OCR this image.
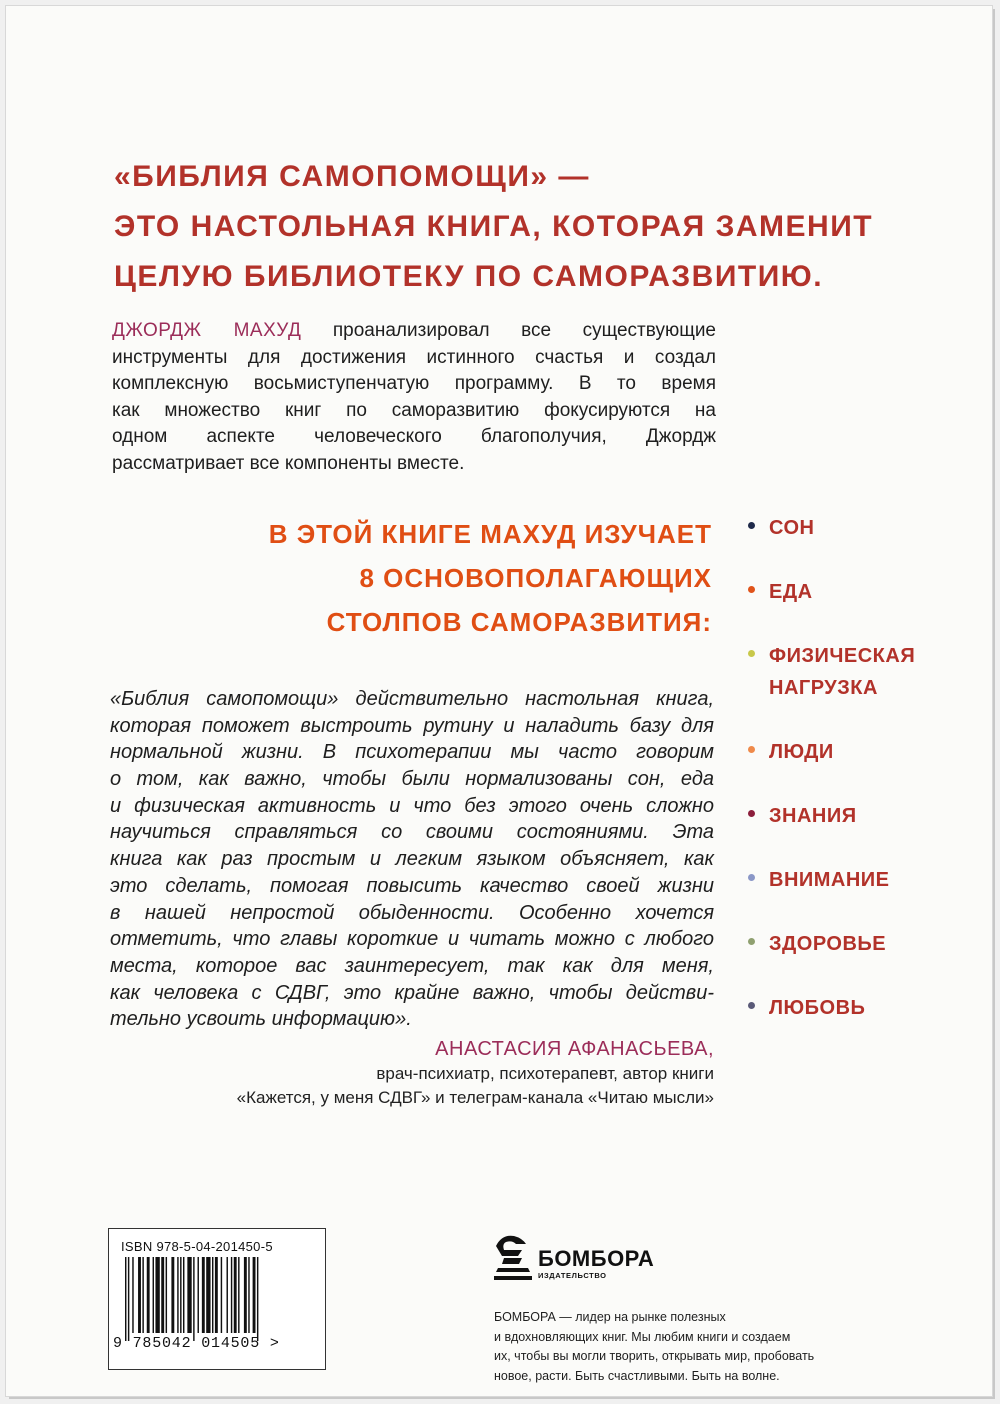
«БИБЛИЯ САМОПОМОЩИ» —
ЭТО НАСТОЛЬНАЯ КНИГА, КОТОРАЯ ЗАМЕНИТ
ЦЕЛУЮ БИБЛИОТЕКУ ПО САМОРАЗВИТИЮ.
ДЖОРДЖ МАХУД проанализировал все существующие
инструменты для достижения истинного счастья и создал
комплексную восьмиступенчатую программу. В то время
как множество книг по саморазвитию фокусируются на
одном аспекте человеческого благополучия, Джордж
рассматривает все компоненты вместе.
В ЭТОЙ КНИГЕ МАХУД ИЗУЧАЕТ
8 ОСНОВОПОЛАГАЮЩИХ
СТОЛПОВ САМОРАЗВИТИЯ:
СОН
ЕДА
ФИЗИЧЕСКАЯ НАГРУЗКА
ЛЮДИ
ЗНАНИЯ
ВНИМАНИЕ
ЗДОРОВЬЕ
ЛЮБОВЬ
«Библия самопомощи» действительно настольная книга,
которая поможет выстроить рутину и наладить базу для
нормальной жизни. В психотерапии мы часто говорим
о том, как важно, чтобы были нормализованы сон, еда
и физическая активность и что без этого очень сложно
научиться справляться со своими состояниями. Эта
книга как раз простым и легким языком объясняет, как
это сделать, помогая повысить качество своей жизни
в нашей непростой обыденности. Особенно хочется
отметить, что главы короткие и читать можно с любого
места, которое вас заинтересует, так как для меня,
как человека с СДВГ, это крайне важно, чтобы действи-
тельно усвоить информацию».
АНАСТАСИЯ АФАНАСЬЕВА,
врач-психиатр, психотерапевт, автор книги
«Кажется, у меня СДВГ» и телеграм-канала «Читаю мысли»
ISBN 978-5-04-201450-5
9 785042 014505 >
БОМБОРА
ИЗДАТЕЛЬСТВО
БОМБОРА — лидер на рынке полезных
и вдохновляющих книг. Мы любим книги и создаем
их, чтобы вы могли творить, открывать мир, пробовать
новое, расти. Быть счастливыми. Быть на волне.
